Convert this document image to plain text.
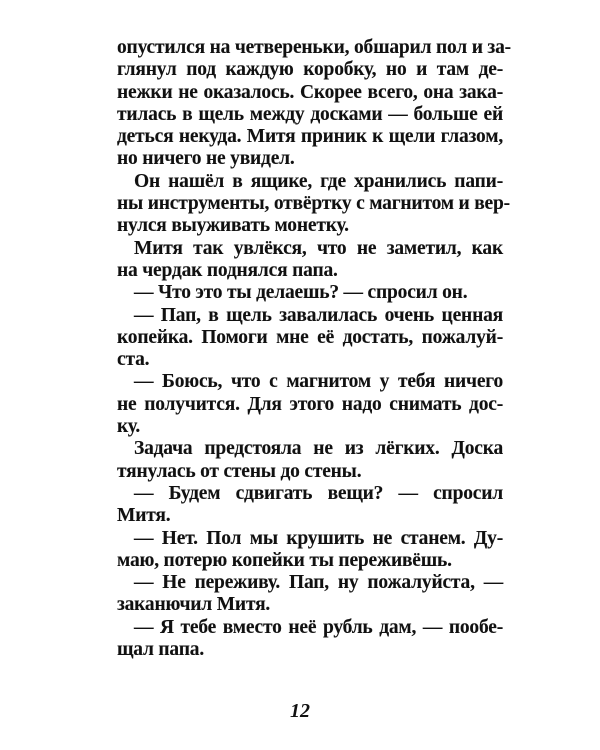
опустился на четвереньки, обшарил пол и за-
глянул под каждую коробку, но и там де-
нежки не оказалось. Скорее всего, она зака-
тилась в щель между досками — больше ей
деться некуда. Митя приник к щели глазом,
но ничего не увидел.
Он нашёл в ящике, где хранились папи-
ны инструменты, отвёртку с магнитом и вер-
нулся выуживать монетку.
Митя так увлёкся, что не заметил, как
на чердак поднялся папа.
— Что это ты делаешь? — спросил он.
— Пап, в щель завалилась очень ценная
копейка. Помоги мне её достать, пожалуй-
ста.
— Боюсь, что с магнитом у тебя ничего
не получится. Для этого надо снимать дос-
ку.
Задача предстояла не из лёгких. Доска
тянулась от стены до стены.
— Будем сдвигать вещи? — спросил
Митя.
— Нет. Пол мы крушить не станем. Ду-
маю, потерю копейки ты переживёшь.
— Не переживу. Пап, ну пожалуйста, —
заканючил Митя.
— Я тебе вместо неё рубль дам, — пообе-
щал папа.
12
